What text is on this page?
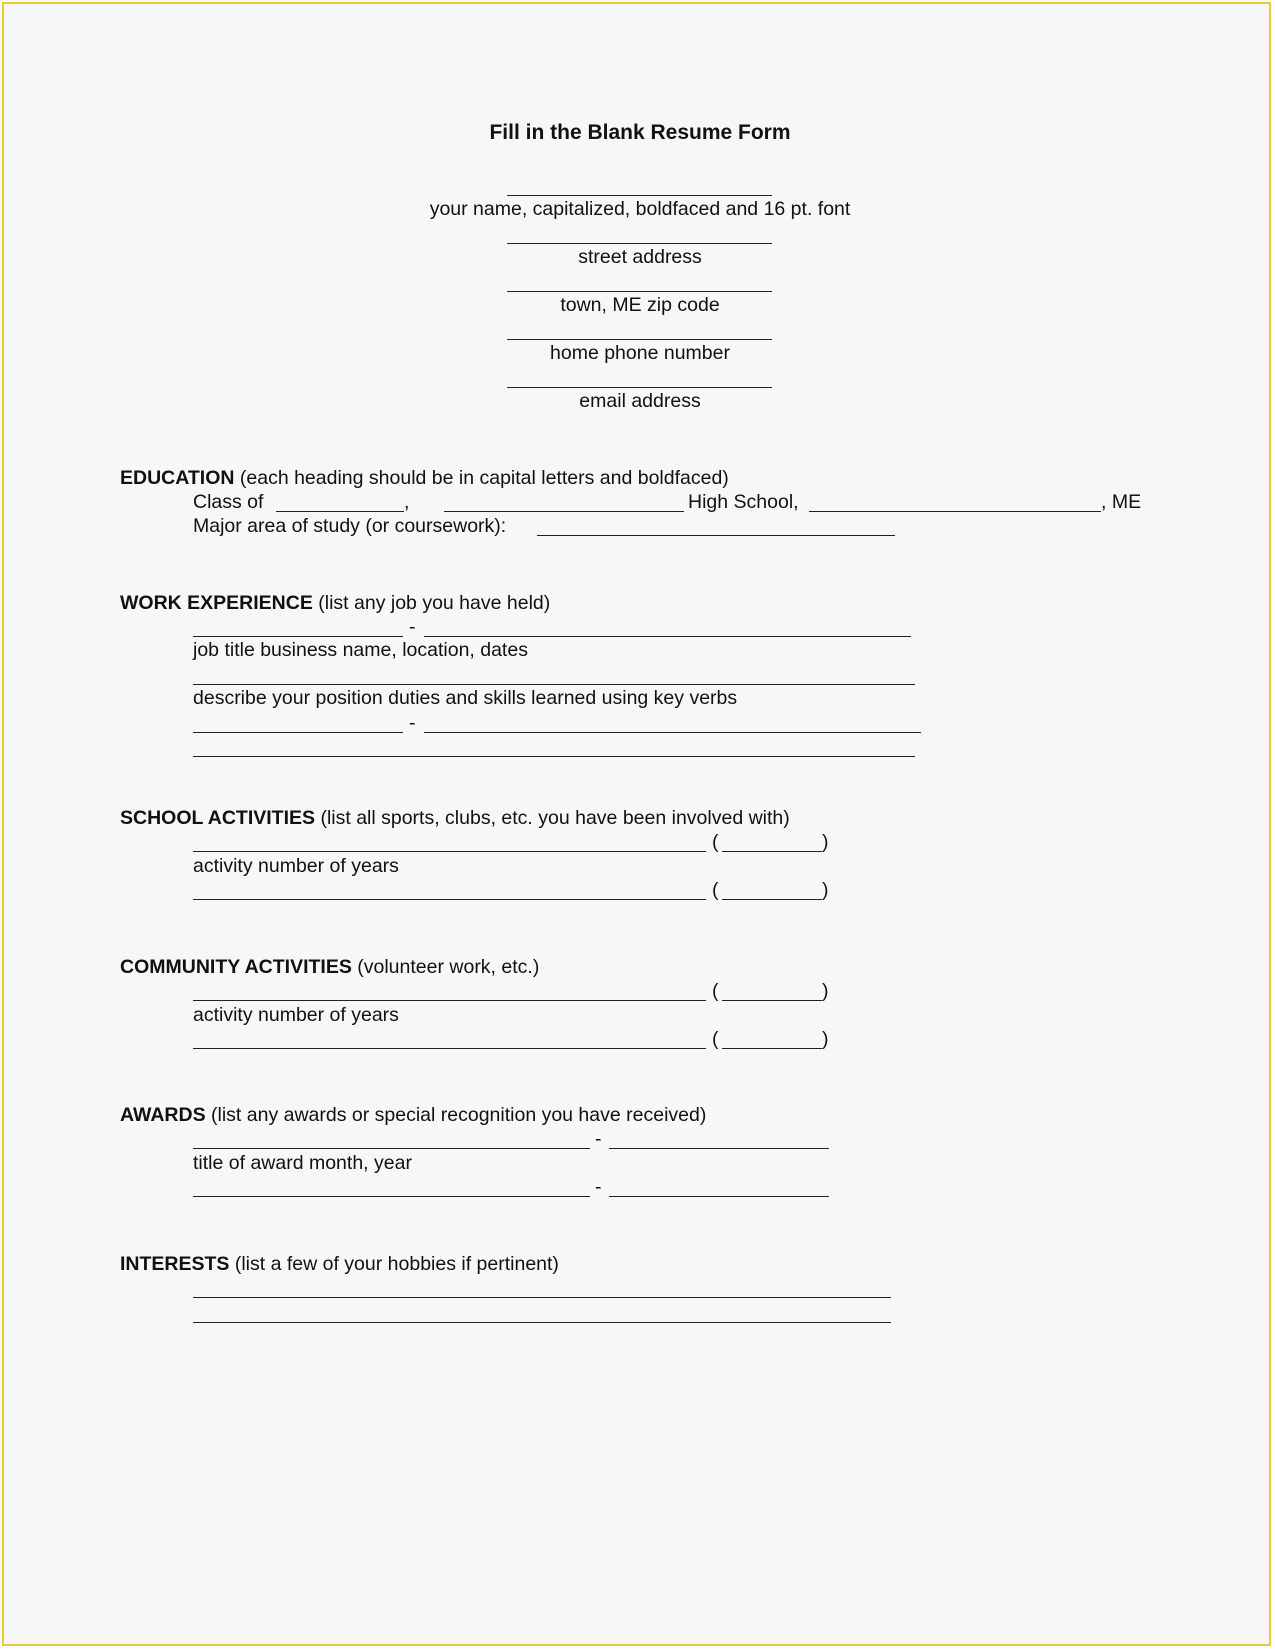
Fill in the Blank Resume Form
your name, capitalized, boldfaced and 16 pt. font
street address
town, ME zip code
home phone number
email address
EDUCATION (each heading should be in capital letters and boldfaced)
Class of	,	High School,	, ME
Major area of study (or coursework):
WORK EXPERIENCE (list any job you have held)
-
job title business name, location, dates
describe your position duties and skills learned using key verbs
-
SCHOOL ACTIVITIES (list all sports, clubs, etc. you have been involved with)
(	)
activity number of years
(	)
COMMUNITY ACTIVITIES (volunteer work, etc.)
(	)
activity number of years
(	)
AWARDS (list any awards or special recognition you have received)
-
title of award month, year
-
INTERESTS (list a few of your hobbies if pertinent)
